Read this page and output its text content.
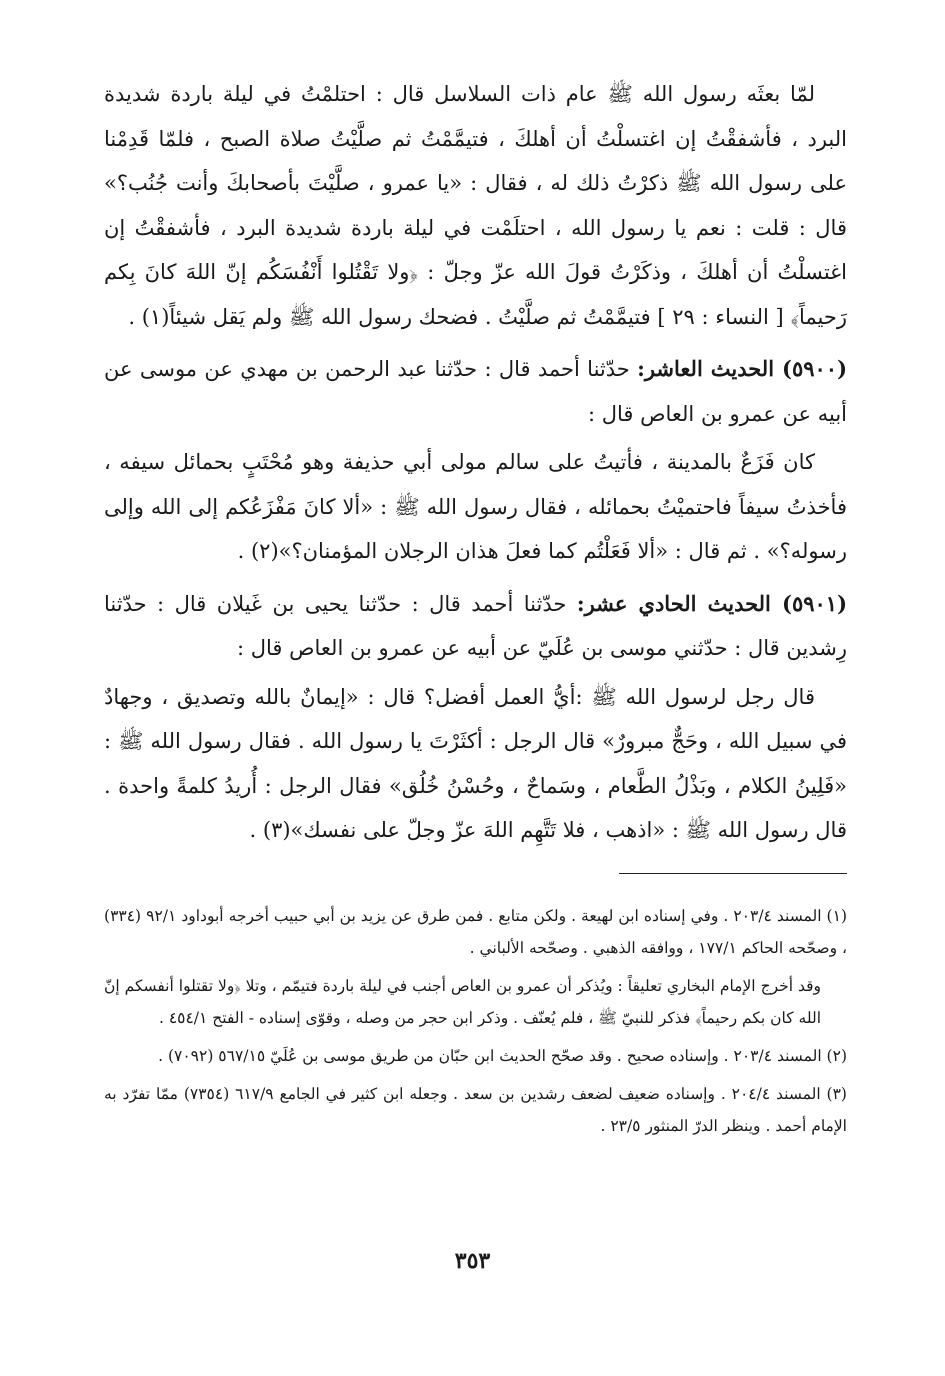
لمّا بعثَه رسول الله ﷺ عام ذات السلاسل قال : احتلمْتُ في ليلة باردة شديدة البرد ، فأشفقْتُ إن اغتسلْتُ أن أهلكَ ، فتيمَّمْتُ ثم صلَّيْتُ صلاة الصبح ، فلمّا قَدِمْنا على رسول الله ﷺ ذكرْتُ ذلك له ، فقال : «يا عمرو ، صلَّيْتَ بأصحابكَ وأنت جُنُب؟» قال : قلت : نعم يا رسول الله ، احتلَمْت في ليلة باردة شديدة البرد ، فأشفقْتُ إن اغتسلْتُ أن أهلكَ ، وذكَرْتُ قولَ الله عزّ وجلّ : ﴿ولا تَقْتُلوا أَنْفُسَكُم إنّ اللهَ كانَ بِكم رَحيماً﴾ [ النساء : ٢٩ ] فتيمَّمْتُ ثم صلَّيْتُ . فضحك رسول الله ﷺ ولم يَقل شيئاً(١) .

(٥٩٠٠) الحديث العاشر: حدّثنا أحمد قال : حدّثنا عبد الرحمن بن مهدي عن موسى عن أبيه عن عمرو بن العاص قال :

كان فَزَعٌ بالمدينة ، فأتيتُ على سالم مولى أبي حذيفة وهو مُحْتَبٍ بحمائل سيفه ، فأخذتُ سيفاً فاحتميْتُ بحمائله ، فقال رسول الله ﷺ : «ألا كانَ مَفْزَعُكم إلى الله وإلى رسوله؟» . ثم قال : «ألا فَعَلْتُم كما فعلَ هذان الرجلان المؤمنان؟»(٢) .

(٥٩٠١) الحديث الحادي عشر: حدّثنا أحمد قال : حدّثنا يحيى بن غَيلان قال : حدّثنا رِشدين قال : حدّثني موسى بن عُلَيّ عن أبيه عن عمرو بن العاص قال :

قال رجل لرسول الله ﷺ :أيُّ العمل أفضل؟ قال : «إيمانٌ بالله وتصديق ، وجهادٌ في سبيل الله ، وحَجٌّ مبرورٌ» قال الرجل : أكثَرْتَ يا رسول الله . فقال رسول الله ﷺ : «فَلِينُ الكلام ، وبَذْلُ الطَّعام ، وسَماحٌ ، وحُسْنُ خُلُق» فقال الرجل : أُريدُ كلمةً واحدة . قال رسول الله ﷺ : «اذهب ، فلا تَتَّهِم اللهَ عزّ وجلّ على نفسك»(٣) .

(١) المسند ٢٠٣/٤ . وفي إسناده ابن لهيعة . ولكن متابع . فمن طرق عن يزيد بن أبي حبيب أخرجه أبوداود ٩٢/١ (٣٣٤) ، وصحّحه الحاكم ١٧٧/١ ، ووافقه الذهبي . وصحّحه الألباني .

وقد أخرج الإمام البخاري تعليقاً : ويُذكر أن عمرو بن العاص أجنب في ليلة باردة فتيمّم ، وتلا ﴿ولا تقتلوا أنفسكم إنّ الله كان بكم رحيماً﴾ فذكر للنبيّ ﷺ ، فلم يُعنّف . وذكر ابن حجر من وصله ، وقوّى إسناده - الفتح ٤٥٤/١ .

(٢) المسند ٢٠٣/٤ . وإسناده صحيح . وقد صحّح الحديث ابن حبّان من طريق موسى بن عُلَيّ ٥٦٧/١٥ (٧٠٩٢) .

(٣) المسند ٢٠٤/٤ . وإسناده ضعيف لضعف رشدين بن سعد . وجعله ابن كثير في الجامع ٦١٧/٩ (٧٣٥٤) ممّا تفرّد به الإمام أحمد . وينظر الدرّ المنثور ٢٣/٥ .

٣٥٣
